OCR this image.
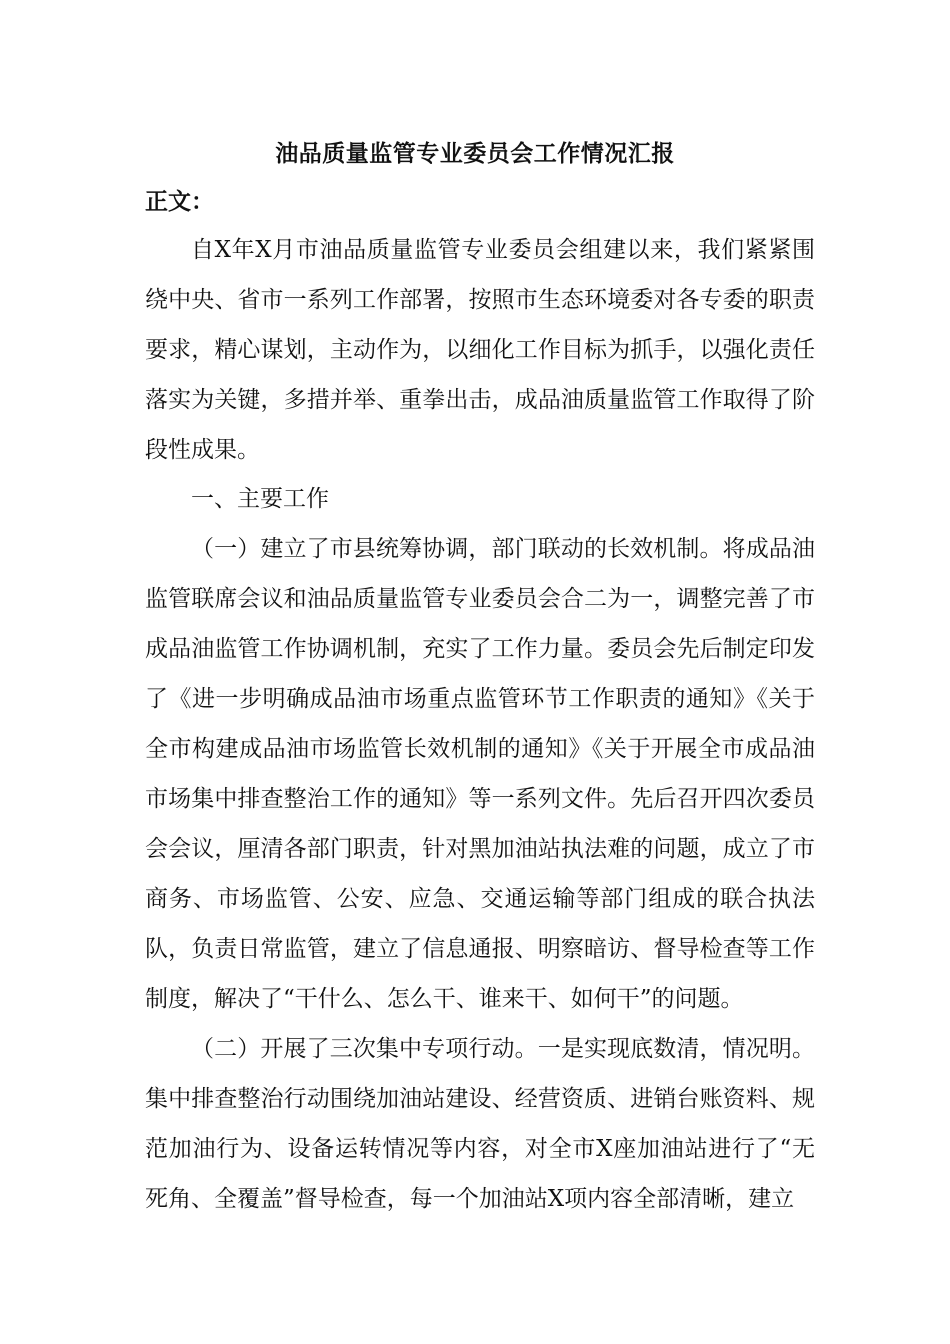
油品质量监管专业委员会工作情况汇报
正文：

自X年X月市油品质量监管专业委员会组建以来，我们紧紧围绕中央、省市一系列工作部署，按照市生态环境委对各专委的职责要求，精心谋划，主动作为，以细化工作目标为抓手，以强化责任落实为关键，多措并举、重拳出击，成品油质量监管工作取得了阶段性成果。

一、主要工作

（一）建立了市县统筹协调，部门联动的长效机制。将成品油监管联席会议和油品质量监管专业委员会合二为一，调整完善了市成品油监管工作协调机制，充实了工作力量。委员会先后制定印发了《进一步明确成品油市场重点监管环节工作职责的通知》《关于全市构建成品油市场监管长效机制的通知》《关于开展全市成品油市场集中排查整治工作的通知》等一系列文件。先后召开四次委员会会议，厘清各部门职责，针对黑加油站执法难的问题，成立了市商务、市场监管、公安、应急、交通运输等部门组成的联合执法队，负责日常监管，建立了信息通报、明察暗访、督导检查等工作制度，解决了“干什么、怎么干、谁来干、如何干”的问题。

（二）开展了三次集中专项行动。一是实现底数清，情况明。集中排查整治行动围绕加油站建设、经营资质、进销台账资料、规范加油行为、设备运转情况等内容，对全市X座加油站进行了“无死角、全覆盖”督导检查，每一个加油站X项内容全部清晰，建立
